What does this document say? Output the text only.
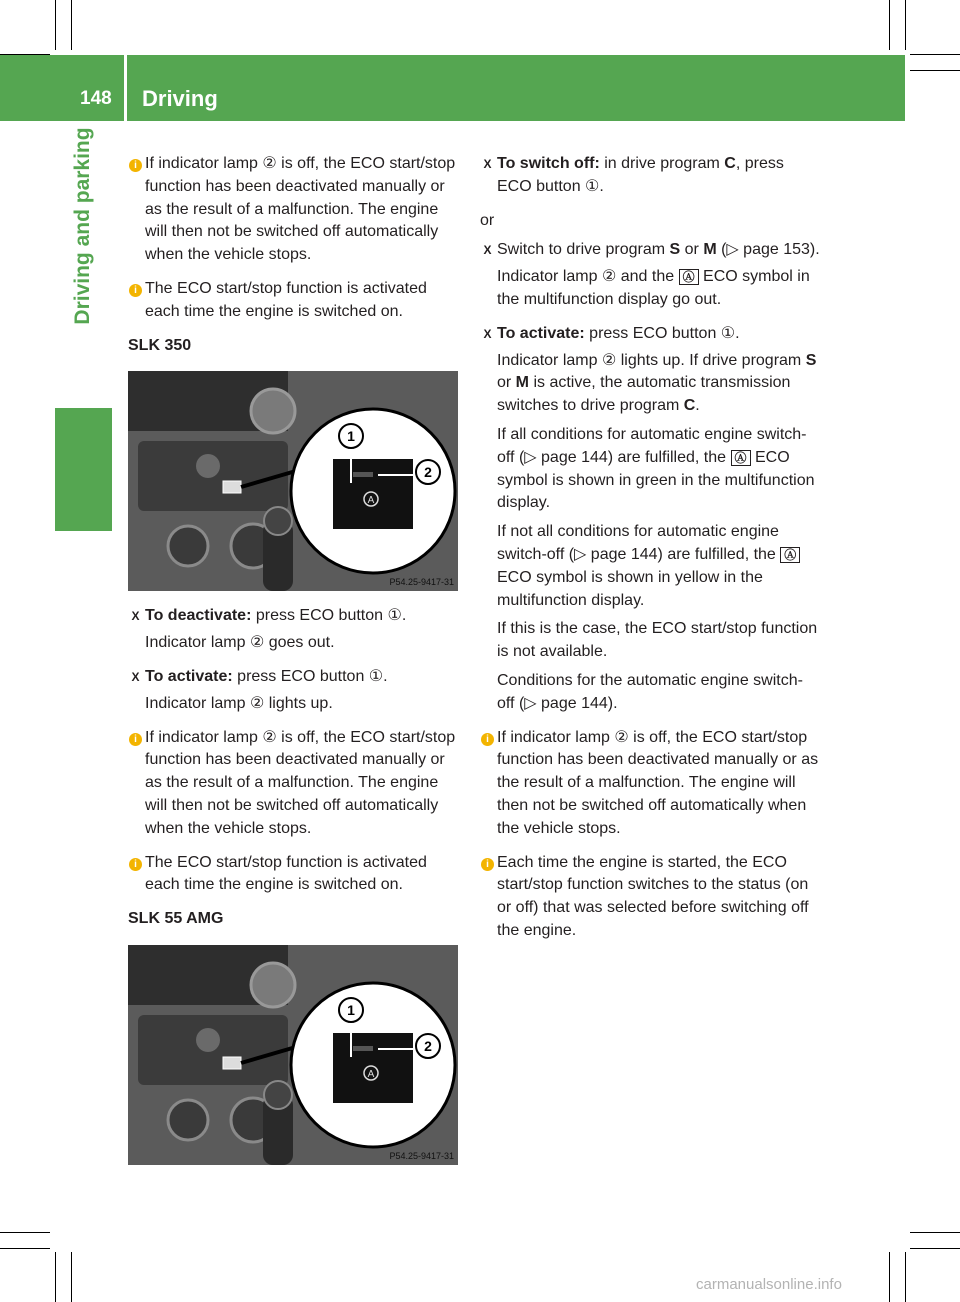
148 Driving
Driving and parking	i If indicator lamp ② is off, the ECO start/stop function has been deactivated manually or as the result of a malfunction. The engine will then not be switched off automatically when the vehicle stops.

i The ECO start/stop function is activated each time the engine is switched on.

SLK 350

A
1
2
P54.25-9417-31

X To deactivate: press ECO button ①.
Indicator lamp ② goes out.

X To activate: press ECO button ①.
Indicator lamp ② lights up.

i If indicator lamp ② is off, the ECO start/stop function has been deactivated manually or as the result of a malfunction. The engine will then not be switched off automatically when the vehicle stops.

i The ECO start/stop function is activated each time the engine is switched on.

SLK 55 AMG

A
1
2
P54.25-9417-31

X To switch off: in drive program C, press ECO button ①.

or

X Switch to drive program S or M (▷ page 153).
Indicator lamp ② and the Ⓐ ECO symbol in the multifunction display go out.

X To activate: press ECO button ①.
Indicator lamp ② lights up. If drive program S or M is active, the automatic transmission switches to drive program C.
If all conditions for automatic engine switch-off (▷ page 144) are fulfilled, the Ⓐ ECO symbol is shown in green in the multifunction display.
If not all conditions for automatic engine switch-off (▷ page 144) are fulfilled, the Ⓐ ECO symbol is shown in yellow in the multifunction display.
If this is the case, the ECO start/stop function is not available.
Conditions for the automatic engine switch-off (▷ page 144).

i If indicator lamp ② is off, the ECO start/stop function has been deactivated manually or as the result of a malfunction. The engine will then not be switched off automatically when the vehicle stops.

i Each time the engine is started, the ECO start/stop function switches to the status (on or off) that was selected before switching off the engine.

carmanualsonline.info
